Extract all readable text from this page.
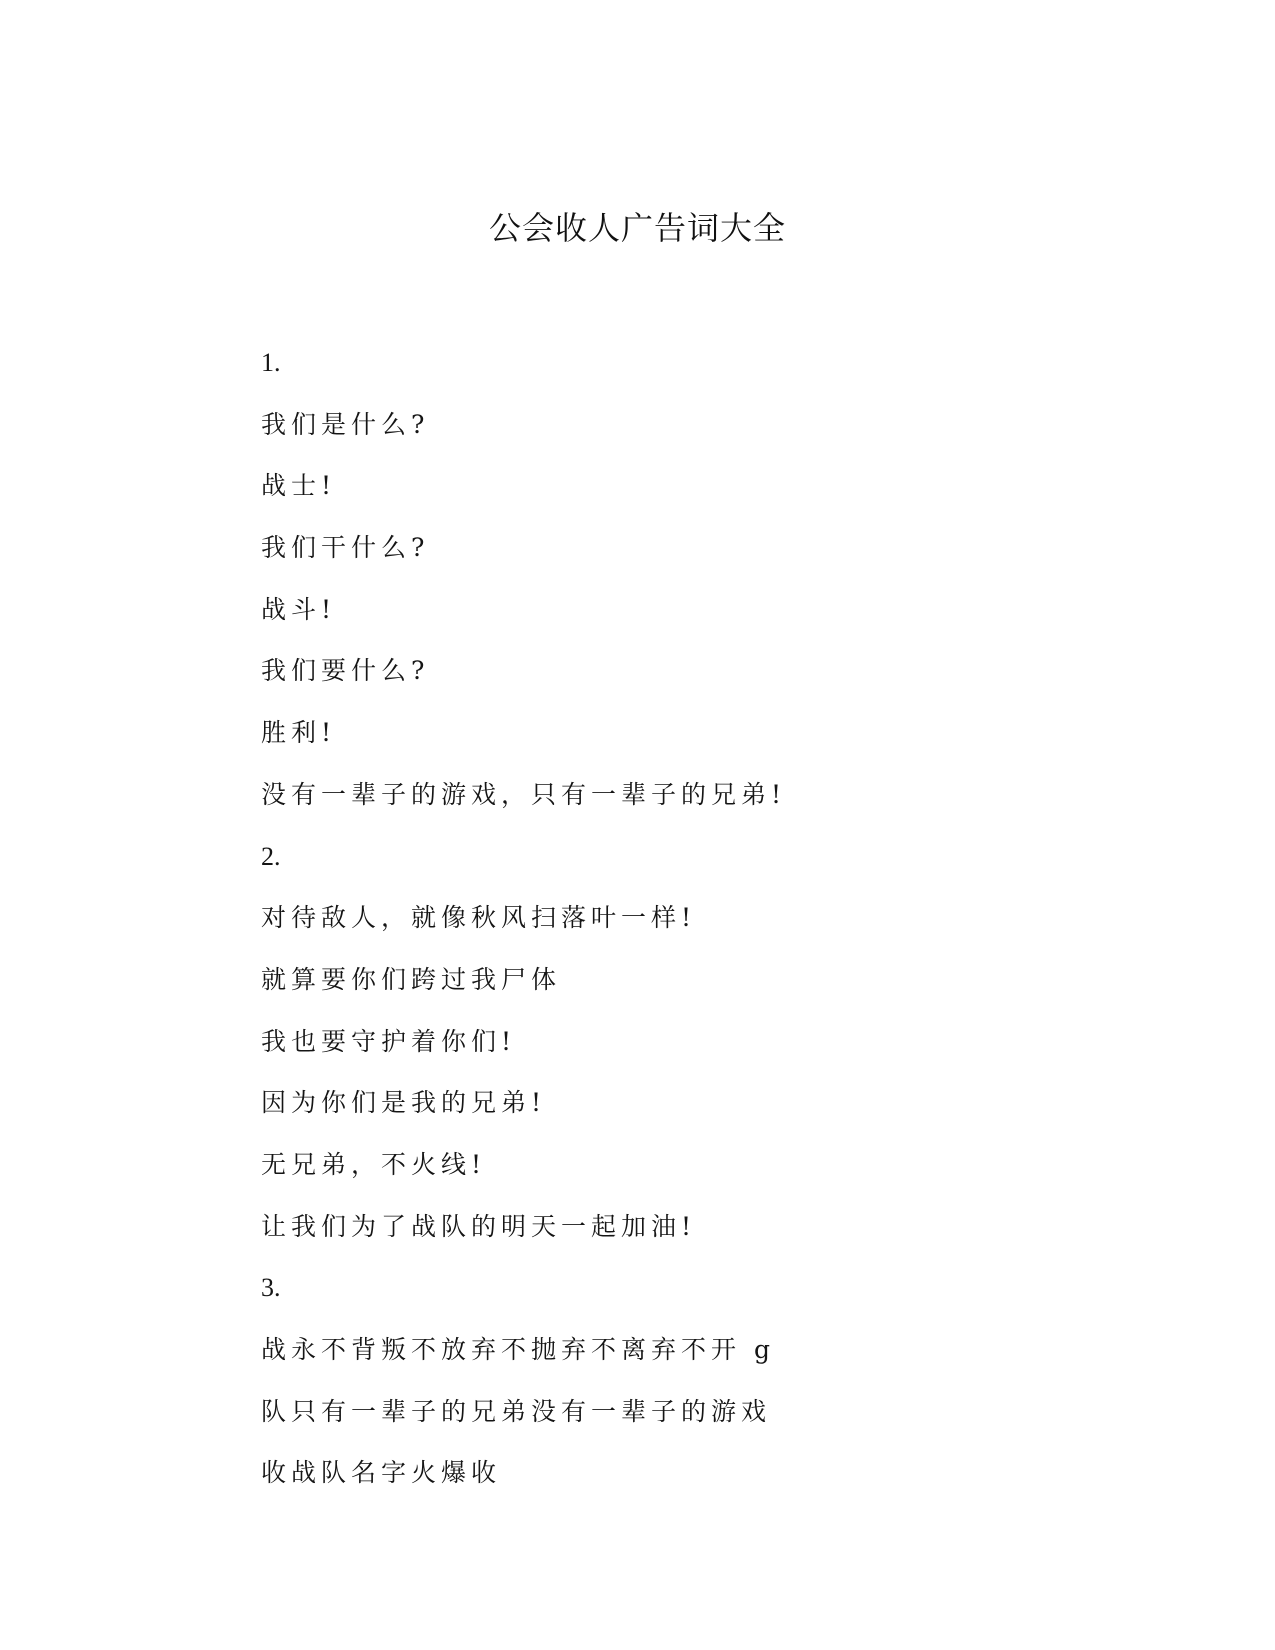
公会收人广告词大全

1.

我们是什么?

战士!

我们干什么?

战斗!

我们要什么?

胜利!

没有一辈子的游戏，只有一辈子的兄弟!

2.

对待敌人，就像秋风扫落叶一样!

就算要你们跨过我尸体

我也要守护着你们!

因为你们是我的兄弟!

无兄弟，不火线!

让我们为了战队的明天一起加油!

3.

战永不背叛不放弃不抛弃不离弃不开 g

队只有一辈子的兄弟没有一辈子的游戏

收战队名字火爆收
